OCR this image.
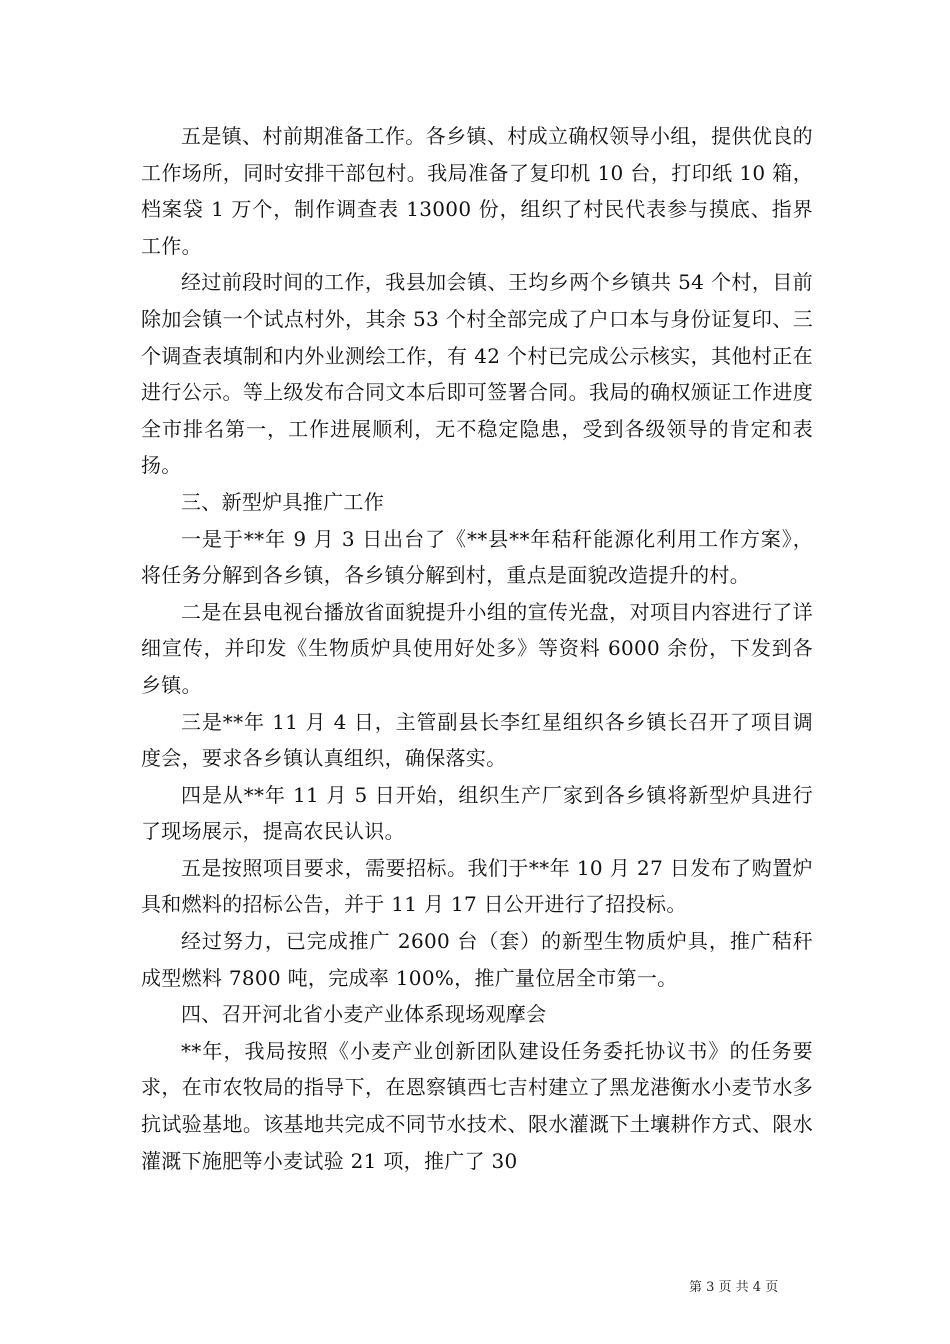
五是镇、村前期准备工作。各乡镇、村成立确权领导小组，提供优良的工作场所，同时安排干部包村。我局准备了复印机 10 台，打印纸 10 箱，档案袋 1 万个，制作调查表 13000 份，组织了村民代表参与摸底、指界工作。

经过前段时间的工作，我县加会镇、王均乡两个乡镇共 54 个村，目前除加会镇一个试点村外，其余 53 个村全部完成了户口本与身份证复印、三个调查表填制和内外业测绘工作，有 42 个村已完成公示核实，其他村正在进行公示。等上级发布合同文本后即可签署合同。我局的确权颁证工作进度全市排名第一，工作进展顺利，无不稳定隐患，受到各级领导的肯定和表扬。

三、新型炉具推广工作

一是于**年 9 月 3 日出台了《**县**年秸秆能源化利用工作方案》，将任务分解到各乡镇，各乡镇分解到村，重点是面貌改造提升的村。

二是在县电视台播放省面貌提升小组的宣传光盘，对项目内容进行了详细宣传，并印发《生物质炉具使用好处多》等资料 6000 余份，下发到各乡镇。

三是**年 11 月 4 日，主管副县长李红星组织各乡镇长召开了项目调度会，要求各乡镇认真组织，确保落实。

四是从**年 11 月 5 日开始，组织生产厂家到各乡镇将新型炉具进行了现场展示，提高农民认识。

五是按照项目要求，需要招标。我们于**年 10 月 27 日发布了购置炉具和燃料的招标公告，并于 11 月 17 日公开进行了招投标。

经过努力，已完成推广 2600 台（套）的新型生物质炉具，推广秸秆成型燃料 7800 吨，完成率 100%，推广量位居全市第一。

四、召开河北省小麦产业体系现场观摩会

**年，我局按照《小麦产业创新团队建设任务委托协议书》的任务要求，在市农牧局的指导下，在恩察镇西七吉村建立了黑龙港衡水小麦节水多抗试验基地。该基地共完成不同节水技术、限水灌溉下土壤耕作方式、限水灌溉下施肥等小麦试验 21 项，推广了 30

第 3 页 共 4 页
